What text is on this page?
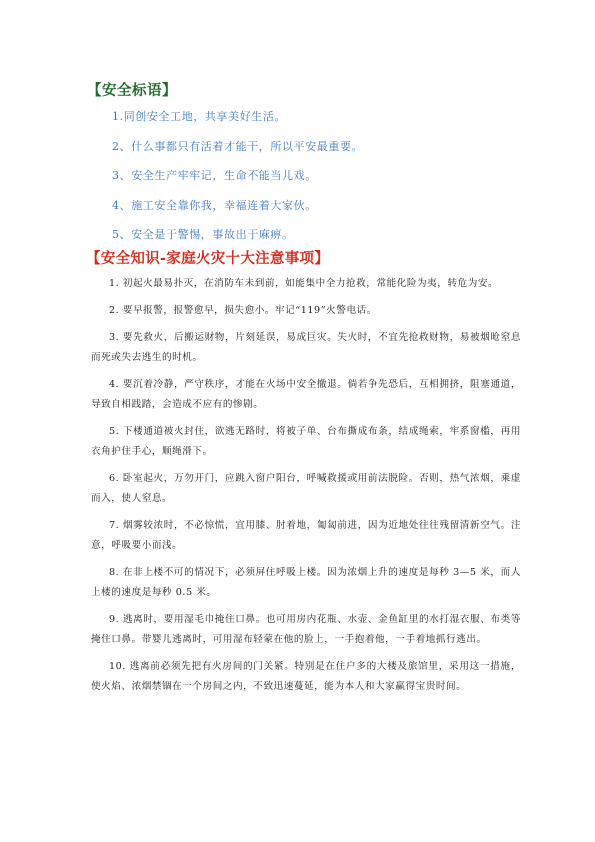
【安全标语】
1.同创安全工地，共享美好生活。
2、什么事都只有活着才能干，所以平安最重要。
3、安全生产牢牢记，生命不能当儿戏。
4、施工安全靠你我，幸福连着大家伙。
5、安全是于警惕，事故出于麻痹。
【安全知识-家庭火灾十大注意事项】

1. 初起火最易扑灭，在消防车未到前，如能集中全力抢救，常能化险为夷，转危为安。

2. 要早报警，报警愈早，损失愈小。牢记“119”火警电话。

3. 要先救火，后搬运财物，片刻延误，易成巨灾。失火时，不宜先抢救财物，易被烟呛窒息而死或失去逃生的时机。

4. 要沉着冷静，严守秩序，才能在火场中安全撤退。倘若争先恐后，互相拥挤，阻塞通道，导致自相践踏，会造成不应有的惨剧。

5. 下楼通道被火封住，欲逃无路时，将被子单、台布撕成布条，结成绳索，牢系窗槛，再用衣角护住手心，顺绳滑下。

6. 卧室起火，万勿开门，应跳入窗户阳台，呼喊救援或用前法脱险。否则，热气浓烟，乘虚而入，使人窒息。

7. 烟雾较浓时，不必惊慌，宜用膝、肘着地，匍匐前进，因为近地处往往残留清新空气。注意，呼吸要小而浅。

8. 在非上楼不可的情况下，必须屏住呼吸上楼。因为浓烟上升的速度是每秒 3—5 米，而人上楼的速度是每秒 0.5 米。

9. 逃离时，要用湿毛巾掩住口鼻。也可用房内花瓶、水壶、金鱼缸里的水打湿衣服、布类等掩住口鼻。带婴儿逃离时，可用湿布轻蒙在他的脸上，一手抱着他，一手着地抓行逃出。

10. 逃离前必须先把有火房间的门关紧。特别是在住户多的大楼及旅馆里，采用这一措施，使火焰、浓烟禁锢在一个房间之内，不致迅速蔓延，能为本人和大家赢得宝贵时间。
